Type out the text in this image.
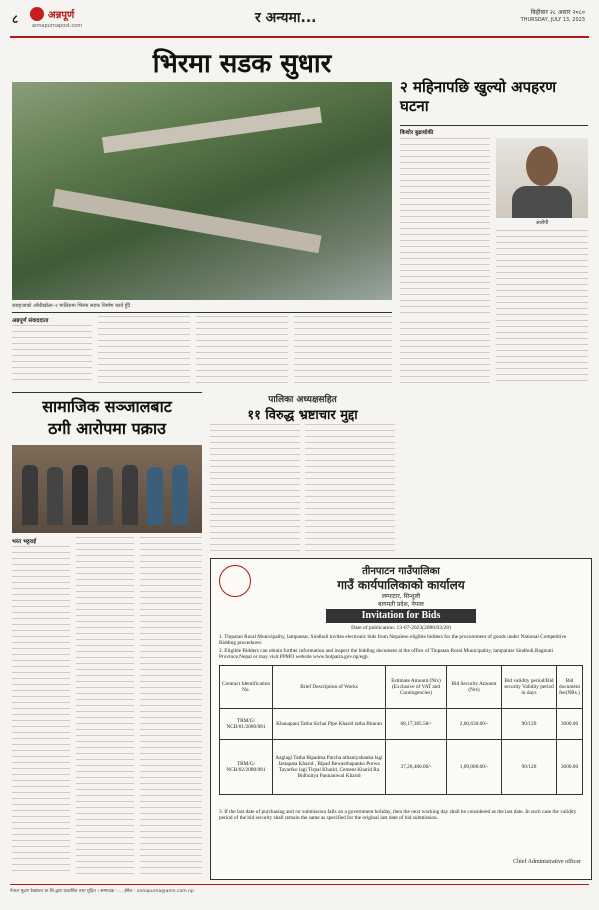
८	अन्नपूर्ण
annapurnapost.com	र अन्यमा...	बिहीबार २८ असार २०८०
THURSDAY, JULY 13, 2023
भिरमा सडक सुधार
स्याङ्जाको आँधीखोला–२ मालिङमा भिरमा सडक निर्माण कार्य हुँदै
अन्नपूर्ण संवाददाता
२ महिनापछि खुल्यो अपहरण घटना
किशोर बुढाथोकी
आरोपी
सामाजिक सञ्जालबाट
ठगी आरोपमा पक्राउ
भरत भट्टराई
पालिका अध्यक्षसहित
११ विरुद्ध भ्रष्टाचार मुद्दा
तीनपाटन गाउँपालिका
गाउँ कार्यपालिकाको कार्यालय
लम्पाटार, सिन्धुली
बागमती प्रदेश, नेपाल
Invitation for Bids
Date of publication: 13-07-2023(2080/03/28)
1. Tinpatan Rural Municipality, lampantar, Sindhuli invites electronic bids from Nepalese eligible bidders for the procurement of goods under National Competitive Bidding procedures:
2. Eligible Bidders can obtain further information and inspect the bidding document at the office of Tinpatan Rural Municipality, lampantar Sindhuli,Bagmati Province,Nepal or may visit PPMO website www.bolpatra.gov.np/egp.
Contract Identification No.	Brief Description of Works	Estimate Amount (Nrs) (Exclusive of VAT and Contingencies)	Bid Security Amount (Nrs)	Bid validity period/Bid security Validity period in days	Bid document fee(NRs.)
TRM/G/ NCB/01/2080/081	Khanapani Tatha Sichai Pipe Kharid tatha Bitaran	68,17,385.58/-	2,00,630.00/-	90/120	3000.00
TRM/G/ NCB/02/2080/081	Aaglagi Tatha Bipadma Parcha nthaniyabanka lagi Jastapata Kharid , Bipad Bewasthapanko Purwa Tayariko lagi Tirpal Kharid, Cement Kharid Ra Bidhuitya Pannaniwal Kharid	37,26,480.00/-	1,09,000.00/-	90/120	3000.00
3. If the last date of purchasing and /or submission falls on a government holiday, then the next working day shall be considered as the last date. In such case the validity period of the bid security shall remain the same as specified for the original last date of bid submission.
Chief Administrative officer
नेपाल मुद्रण रेखांकन प्रा.लि.द्वारा प्रकाशित तथा मुद्रित । सम्पादक : ... ईमेल : annapurna@amn.com.np
